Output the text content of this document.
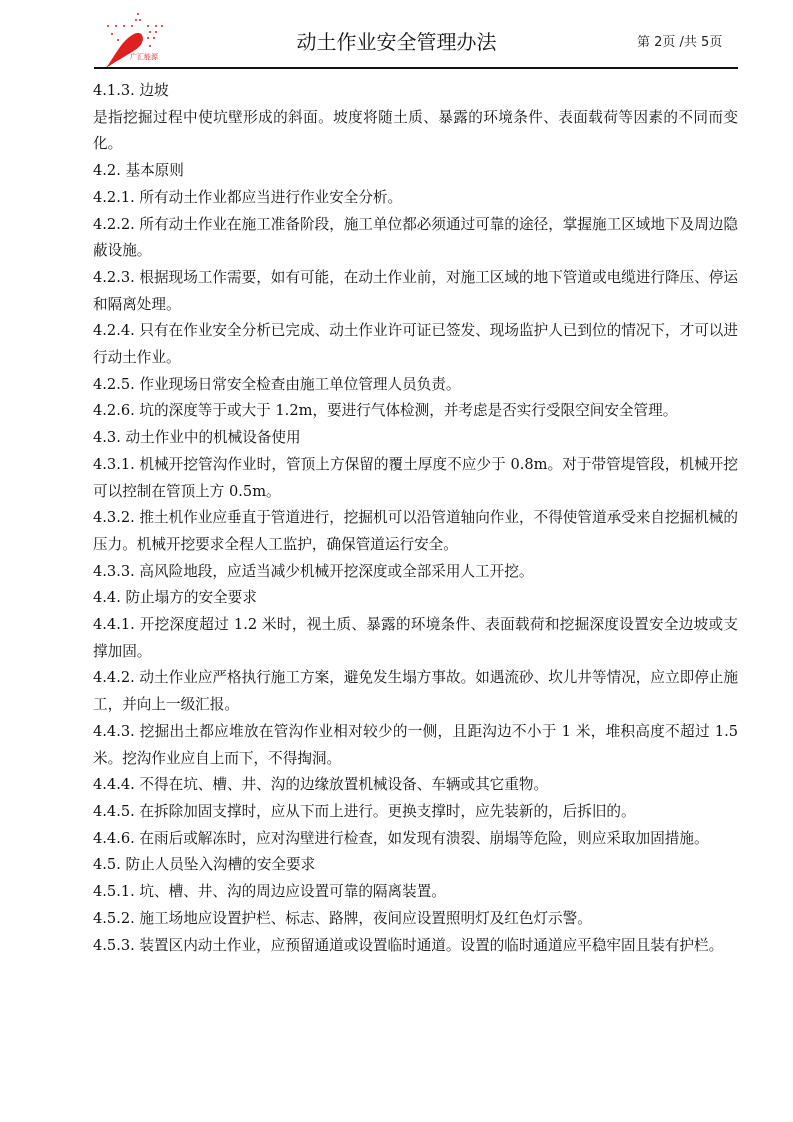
广汇能源
动土作业安全管理办法	第 2页 /共 5页

4.1.3. 边坡

是指挖掘过程中使坑壁形成的斜面。坡度将随土质、暴露的环境条件、表面载荷等因素的不同而变化。

4.2. 基本原则

4.2.1. 所有动土作业都应当进行作业安全分析。

4.2.2. 所有动土作业在施工准备阶段，施工单位都必须通过可靠的途径，掌握施工区域地下及周边隐蔽设施。

4.2.3. 根据现场工作需要，如有可能，在动土作业前，对施工区域的地下管道或电缆进行降压、停运和隔离处理。

4.2.4. 只有在作业安全分析已完成、动土作业许可证已签发、现场监护人已到位的情况下，才可以进行动土作业。

4.2.5. 作业现场日常安全检查由施工单位管理人员负责。

4.2.6. 坑的深度等于或大于 1.2m，要进行气体检测，并考虑是否实行受限空间安全管理。

4.3. 动土作业中的机械设备使用

4.3.1. 机械开挖管沟作业时，管顶上方保留的覆土厚度不应少于 0.8m。对于带管堤管段，机械开挖可以控制在管顶上方 0.5m。

4.3.2. 推土机作业应垂直于管道进行，挖掘机可以沿管道轴向作业，不得使管道承受来自挖掘机械的压力。机械开挖要求全程人工监护，确保管道运行安全。

4.3.3. 高风险地段，应适当减少机械开挖深度或全部采用人工开挖。

4.4. 防止塌方的安全要求

4.4.1. 开挖深度超过 1.2 米时，视土质、暴露的环境条件、表面载荷和挖掘深度设置安全边坡或支撑加固。

4.4.2. 动土作业应严格执行施工方案，避免发生塌方事故。如遇流砂、坎儿井等情况，应立即停止施工，并向上一级汇报。

4.4.3. 挖掘出土都应堆放在管沟作业相对较少的一侧，且距沟边不小于 1 米，堆积高度不超过 1.5 米。挖沟作业应自上而下，不得掏洞。

4.4.4. 不得在坑、槽、井、沟的边缘放置机械设备、车辆或其它重物。

4.4.5. 在拆除加固支撑时，应从下而上进行。更换支撑时，应先装新的，后拆旧的。

4.4.6. 在雨后或解冻时，应对沟壁进行检查，如发现有溃裂、崩塌等危险，则应采取加固措施。

4.5. 防止人员坠入沟槽的安全要求

4.5.1. 坑、槽、井、沟的周边应设置可靠的隔离装置。

4.5.2. 施工场地应设置护栏、标志、路牌，夜间应设置照明灯及红色灯示警。

4.5.3. 装置区内动土作业，应预留通道或设置临时通道。设置的临时通道应平稳牢固且装有护栏。
